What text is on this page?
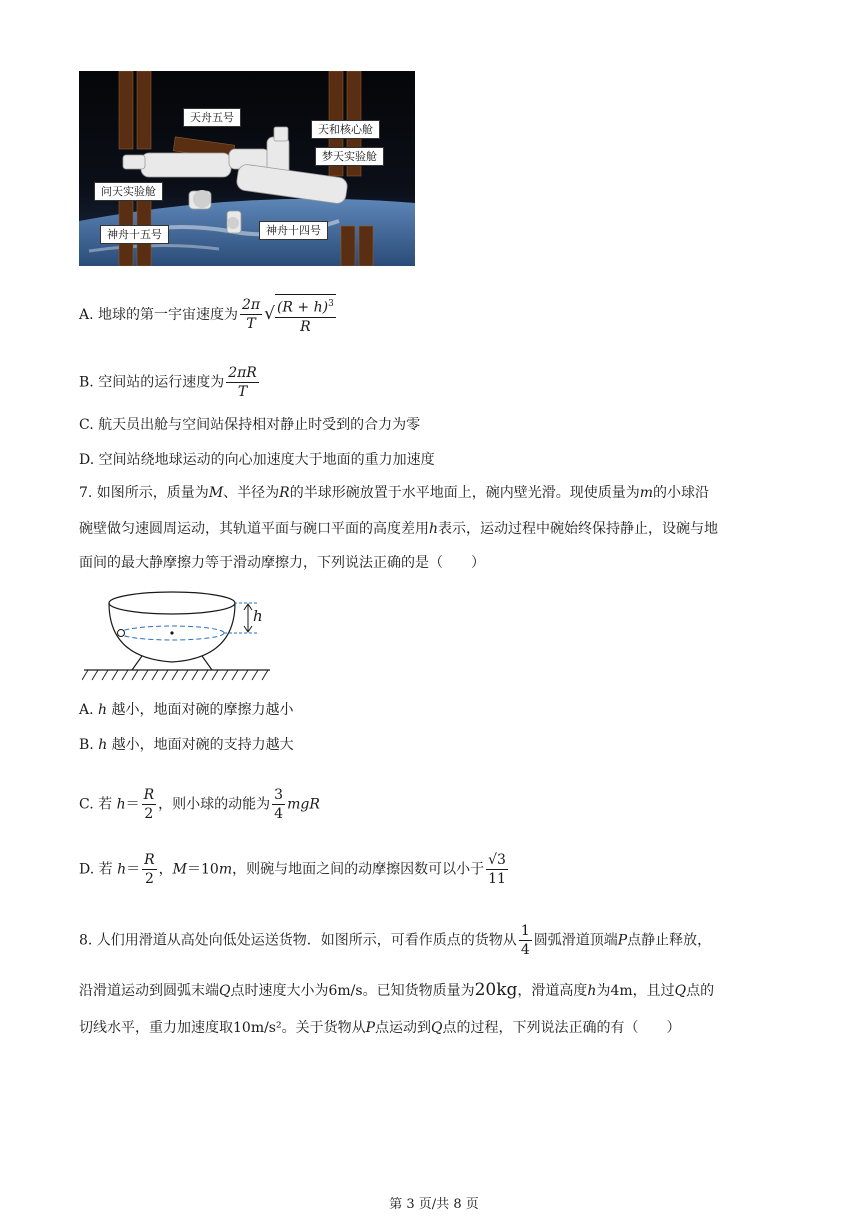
天舟五号
天和核心舱
梦天实验舱
问天实验舱
神舟十五号	神舟十四号
A. 地球的第一宇宙速度为 $\frac{2\pi}{T}$ √ $\frac{(R + h)^3}{R}$
B. 空间站的运行速度为 $\frac{2\pi R}{T}$
C. 航天员出舱与空间站保持相对静止时受到的合力为零
D. 空间站绕地球运动的向心加速度大于地面的重力加速度
7. 如图所示，质量为M、半径为R的半球形碗放置于水平地面上，碗内壁光滑。现使质量为m的小球沿
碗壁做匀速圆周运动，其轨道平面与碗口平面的高度差用h表示，运动过程中碗始终保持静止，设碗与地
面间的最大静摩擦力等于滑动摩擦力，下列说法正确的是（　　）
h
A. h 越小，地面对碗的摩擦力越小
B. h 越小，地面对碗的支持力越大
C. 若 $h= \frac{R}{2}$ ，则小球的动能为 $\frac{3}{4}$ mgR
D. 若 $h= \frac{R}{2}$ ，M＝10m，则碗与地面之间的动摩擦因数可以小于 $\frac{√3}{11}$
8. 人们用滑道从高处向低处运送货物．如图所示，可看作质点的货物从 $\frac{1}{4}$ 圆弧滑道顶端P点静止释放，
沿滑道运动到圆弧末端Q点时速度大小为6m/s。已知货物质量为20kg，滑道高度h为4m，且过Q点的
切线水平，重力加速度取10m/s²。关于货物从P点运动到Q点的过程，下列说法正确的有（　　）
第 3 页/共 8 页
